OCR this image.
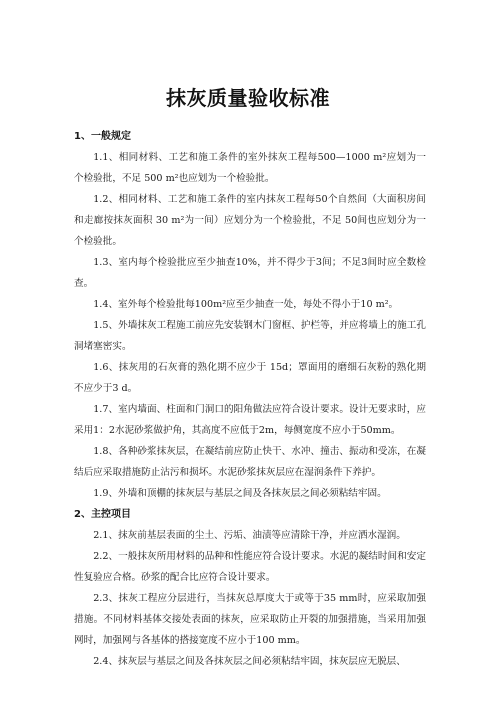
抹灰质量验收标准
1、一般规定

1.1、相同材料、工艺和施工条件的室外抹灰工程每500—1000 m²应划为一个检验批，不足 500 m²也应划为一个检验批。

1.2、相同材料、工艺和施工条件的室内抹灰工程每50个自然间（大面积房间和走廊按抹灰面积 30 m²为一间）应划分为一个检验批，不足 50间也应划分为一个检验批。

1.3、室内每个检验批应至少抽查10%，并不得少于3间；不足3间时应全数检查。

1.4、室外每个检验批每100m²应至少抽查一处，每处不得小于10 m²。

1.5、外墙抹灰工程施工前应先安装钢木门窗框、护栏等，并应将墙上的施工孔洞堵塞密实。

1.6、抹灰用的石灰膏的熟化期不应少于 15d；罩面用的磨细石灰粉的熟化期不应少于3 d。

1.7、室内墙面、柱面和门洞口的阳角做法应符合设计要求。设计无要求时，应采用1：2水泥砂浆做护角，其高度不应低于2m，每侧宽度不应小于50mm。

1.8、各种砂浆抹灰层，在凝结前应防止快干、水冲、撞击、振动和受冻，在凝结后应采取措施防止沾污和损坏。水泥砂浆抹灰层应在湿润条件下养护。

1.9、外墙和顶棚的抹灰层与基层之间及各抹灰层之间必须粘结牢固。

2、主控项目

2.1、抹灰前基层表面的尘土、污垢、油渍等应清除干净，并应洒水湿润。

2.2、一般抹灰所用材料的品种和性能应符合设计要求。水泥的凝结时间和安定性复验应合格。砂浆的配合比应符合设计要求。

2.3、抹灰工程应分层进行，当抹灰总厚度大于或等于35 mm时，应采取加强措施。不同材料基体交接处表面的抹灰，应采取防止开裂的加强措施，当采用加强网时，加强网与各基体的搭接宽度不应小于100 mm。

2.4、抹灰层与基层之间及各抹灰层之间必须粘结牢固，抹灰层应无脱层、
